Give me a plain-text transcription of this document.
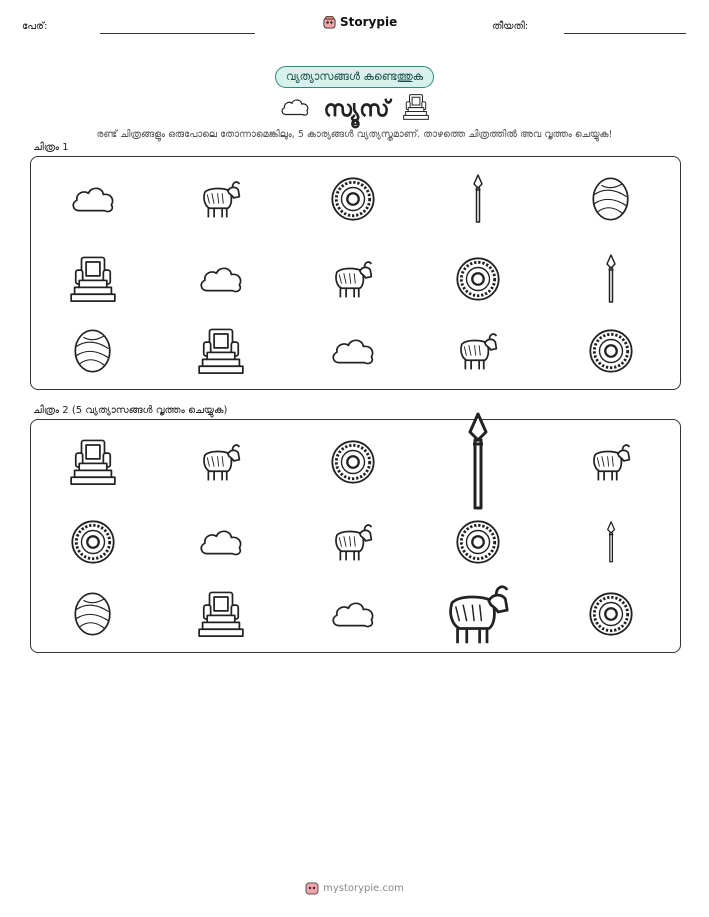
പേര്:	Storypie	തീയതി:
വ്യത്യാസങ്ങൾ കണ്ടെത്തുക
സ്യൂസ്
രണ്ട് ചിത്രങ്ങളും ഒരുപോലെ തോന്നാമെങ്കിലും, 5 കാര്യങ്ങൾ വ്യത്യസ്തമാണ്. താഴത്തെ ചിത്രത്തിൽ അവ വൃത്തം ചെയ്യുക!
ചിത്രം 1
ചിത്രം 2 (5 വ്യത്യാസങ്ങൾ വൃത്തം ചെയ്യുക)
mystorypie.com
